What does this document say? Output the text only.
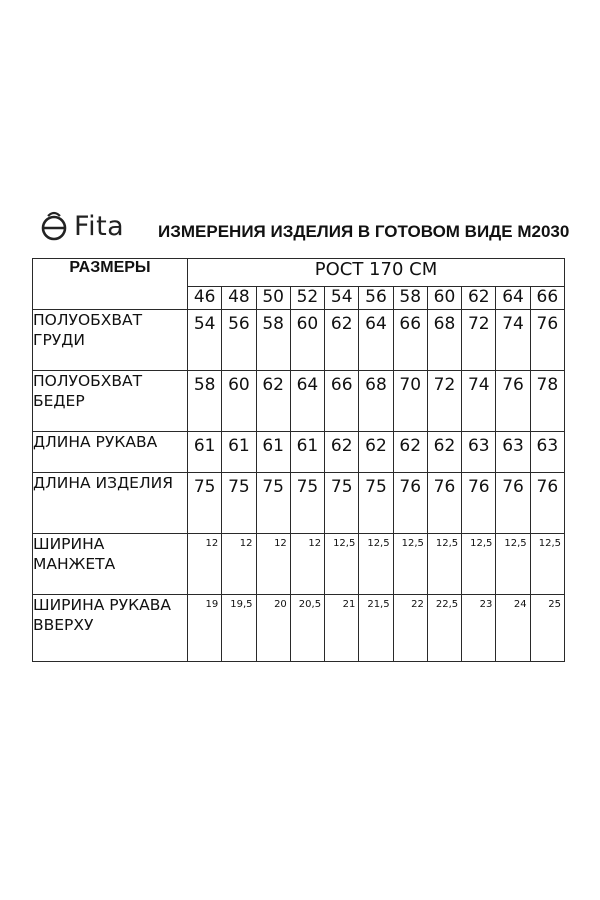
Fita ИЗМЕРЕНИЯ ИЗДЕЛИЯ В ГОТОВОМ ВИДЕ M2030
РАЗМЕРЫ	РОСТ 170 СМ										
	46	48	50	52	54	56	58	60	62	64	66
ПОЛУОБХВАТ ГРУДИ	54	56	58	60	62	64	66	68	72	74	76
ПОЛУОБХВАТ БЕДЕР	58	60	62	64	66	68	70	72	74	76	78
ДЛИНА РУКАВА	61	61	61	61	62	62	62	62	63	63	63
ДЛИНА ИЗДЕЛИЯ	75	75	75	75	75	75	76	76	76	76	76
ШИРИНА МАНЖЕТА	12	12	12	12	12,5	12,5	12,5	12,5	12,5	12,5	12,5
ШИРИНА РУКАВА ВВЕРХУ	19	19,5	20	20,5	21	21,5	22	22,5	23	24	25
